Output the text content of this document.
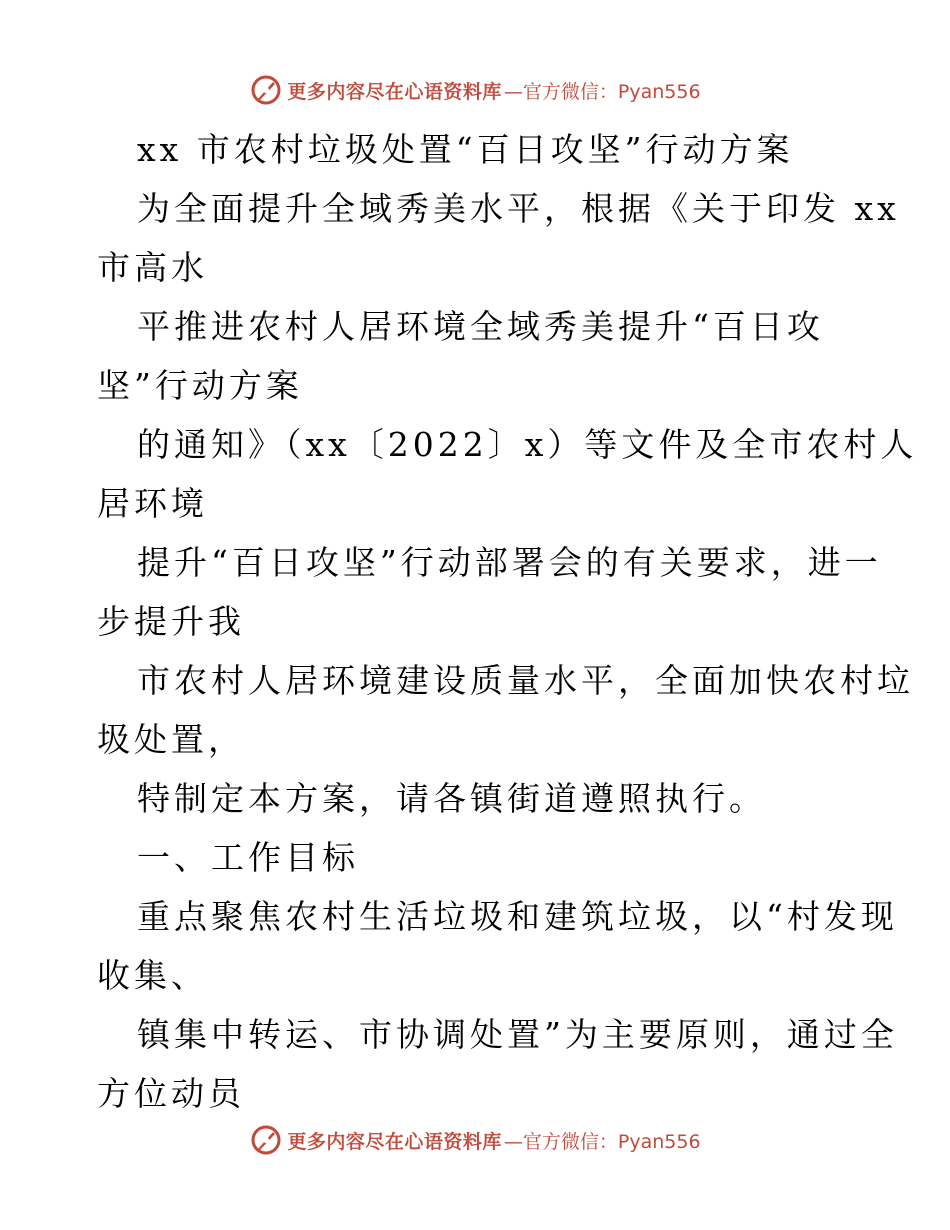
更多内容尽在心语资料库 —官方微信：Pyan556
xx 市农村垃圾处置“百日攻坚”行动方案
为全面提升全域秀美水平，根据《关于印发 xx
市高水
平推进农村人居环境全域秀美提升“百日攻
坚”行动方案
的通知》（xx〔2022〕x）等文件及全市农村人
居环境
提升“百日攻坚”行动部署会的有关要求，进一
步提升我
市农村人居环境建设质量水平，全面加快农村垃
圾处置，
特制定本方案，请各镇街道遵照执行。
一、工作目标
重点聚焦农村生活垃圾和建筑垃圾，以“村发现
收集、
镇集中转运、市协调处置”为主要原则，通过全
方位动员
更多内容尽在心语资料库 —官方微信：Pyan556
